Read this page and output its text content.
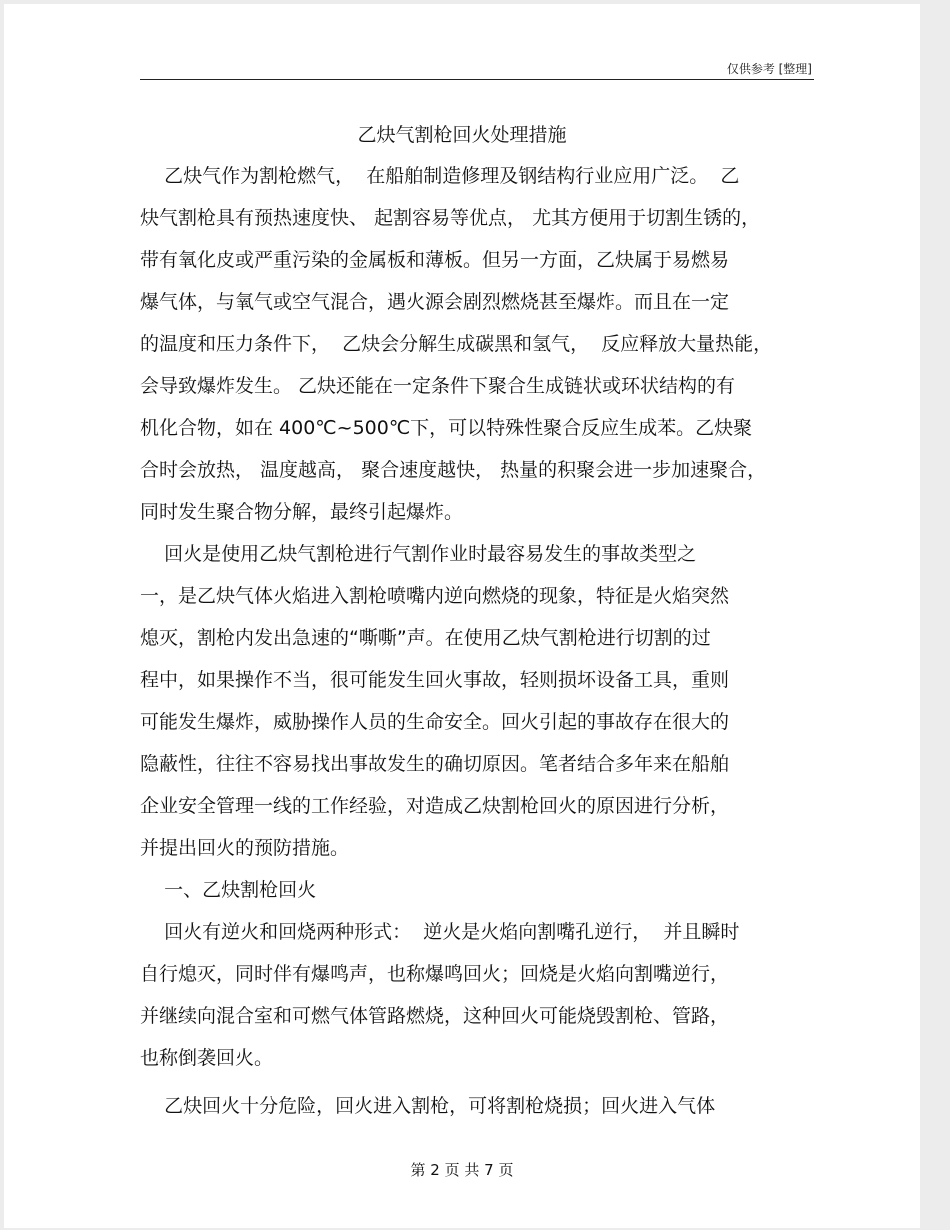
仅供参考 [整理]
乙炔气割枪回火处理措施
乙炔气作为割枪燃气，  在船舶制造修理及钢结构行业应用广泛。  乙
炔气割枪具有预热速度快、 起割容易等优点， 尤其方便用于切割生锈的，
带有氧化皮或严重污染的金属板和薄板。但另一方面，乙炔属于易燃易
爆气体，与氧气或空气混合，遇火源会剧烈燃烧甚至爆炸。而且在一定
的温度和压力条件下，  乙炔会分解生成碳黑和氢气，  反应释放大量热能，
会导致爆炸发生。 乙炔还能在一定条件下聚合生成链状或环状结构的有
机化合物，如在 400℃~500℃下，可以特殊性聚合反应生成苯。乙炔聚
合时会放热， 温度越高， 聚合速度越快， 热量的积聚会进一步加速聚合，
同时发生聚合物分解，最终引起爆炸。
回火是使用乙炔气割枪进行气割作业时最容易发生的事故类型之
一，是乙炔气体火焰进入割枪喷嘴内逆向燃烧的现象，特征是火焰突然
熄灭，割枪内发出急速的“嘶嘶”声。在使用乙炔气割枪进行切割的过
程中，如果操作不当，很可能发生回火事故，轻则损坏设备工具，重则
可能发生爆炸，威胁操作人员的生命安全。回火引起的事故存在很大的
隐蔽性，往往不容易找出事故发生的确切原因。笔者结合多年来在船舶
企业安全管理一线的工作经验，对造成乙炔割枪回火的原因进行分析，
并提出回火的预防措施。
一、乙炔割枪回火
回火有逆火和回烧两种形式：  逆火是火焰向割嘴孔逆行，  并且瞬时
自行熄灭，同时伴有爆鸣声，也称爆鸣回火；回烧是火焰向割嘴逆行，
并继续向混合室和可燃气体管路燃烧，这种回火可能烧毁割枪、管路，
也称倒袭回火。
乙炔回火十分危险，回火进入割枪，可将割枪烧损；回火进入气体
第 2 页 共 7 页
